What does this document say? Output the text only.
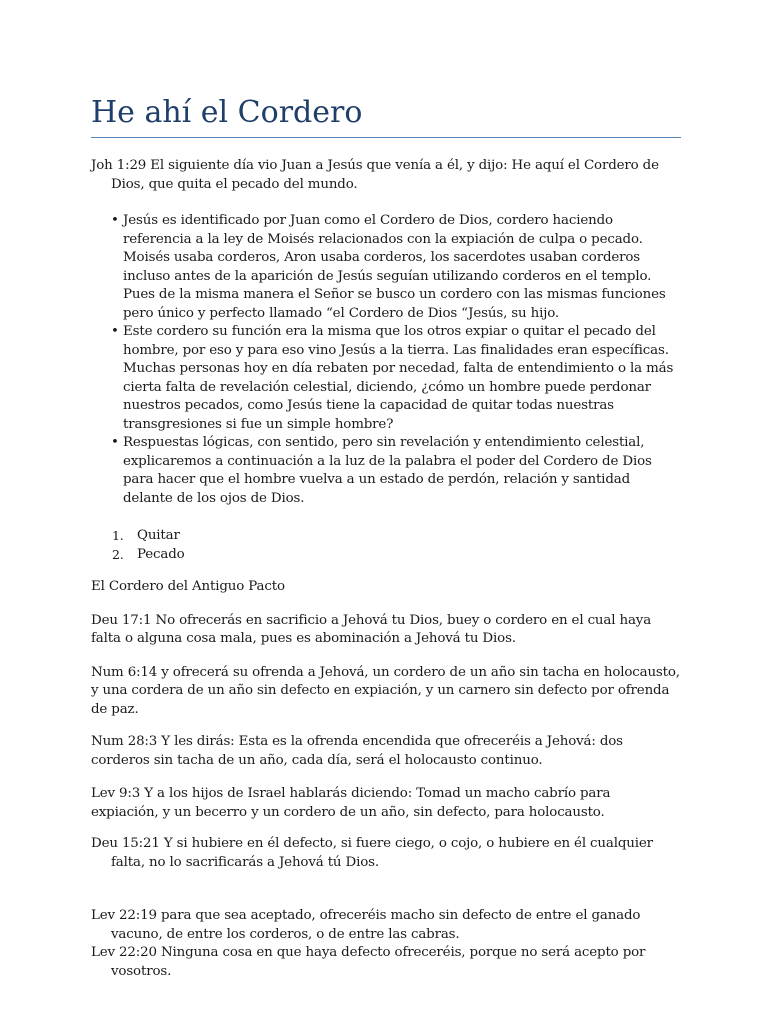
He ahí el Cordero

Joh 1:29 El siguiente día vio Juan a Jesús que venía a él, y dijo: He aquí el Cordero de Dios, que quita el pecado del mundo.

• Jesús es identificado por Juan como el Cordero de Dios, cordero haciendo referencia a la ley de Moisés relacionados con la expiación de culpa o pecado. Moisés usaba corderos, Aron usaba corderos, los sacerdotes usaban corderos incluso antes de la aparición de Jesús seguían utilizando corderos en el templo. Pues de la misma manera el Señor se busco un cordero con las mismas funciones pero único y perfecto llamado “el Cordero de Dios “Jesús, su hijo.
• Este cordero su función era la misma que los otros expiar o quitar el pecado del hombre, por eso y para eso vino Jesús a la tierra. Las finalidades eran específicas. Muchas personas hoy en día rebaten por necedad, falta de entendimiento o la más cierta falta de revelación celestial, diciendo, ¿cómo un hombre puede perdonar nuestros pecados, como Jesús tiene la capacidad de quitar todas nuestras transgresiones si fue un simple hombre?
• Respuestas lógicas, con sentido, pero sin revelación y entendimiento celestial, explicaremos a continuación a la luz de la palabra el poder del Cordero de Dios para hacer que el hombre vuelva a un estado de perdón, relación y santidad delante de los ojos de Dios.
1. Quitar
2. Pecado

El Cordero del Antiguo Pacto

Deu 17:1 No ofrecerás en sacrificio a Jehová tu Dios, buey o cordero en el cual haya falta o alguna cosa mala, pues es abominación a Jehová tu Dios.

Num 6:14 y ofrecerá su ofrenda a Jehová, un cordero de un año sin tacha en holocausto, y una cordera de un año sin defecto en expiación, y un carnero sin defecto por ofrenda de paz.

Num 28:3 Y les dirás: Esta es la ofrenda encendida que ofreceréis a Jehová: dos corderos sin tacha de un año, cada día, será el holocausto continuo.

Lev 9:3 Y a los hijos de Israel hablarás diciendo: Tomad un macho cabrío para expiación, y un becerro y un cordero de un año, sin defecto, para holocausto.

Deu 15:21 Y si hubiere en él defecto, si fuere ciego, o cojo, o hubiere en él cualquier falta, no lo sacrificarás a Jehová tú Dios.

Lev 22:19 para que sea aceptado, ofreceréis macho sin defecto de entre el ganado vacuno, de entre los corderos, o de entre las cabras.

Lev 22:20 Ninguna cosa en que haya defecto ofreceréis, porque no será acepto por vosotros.
